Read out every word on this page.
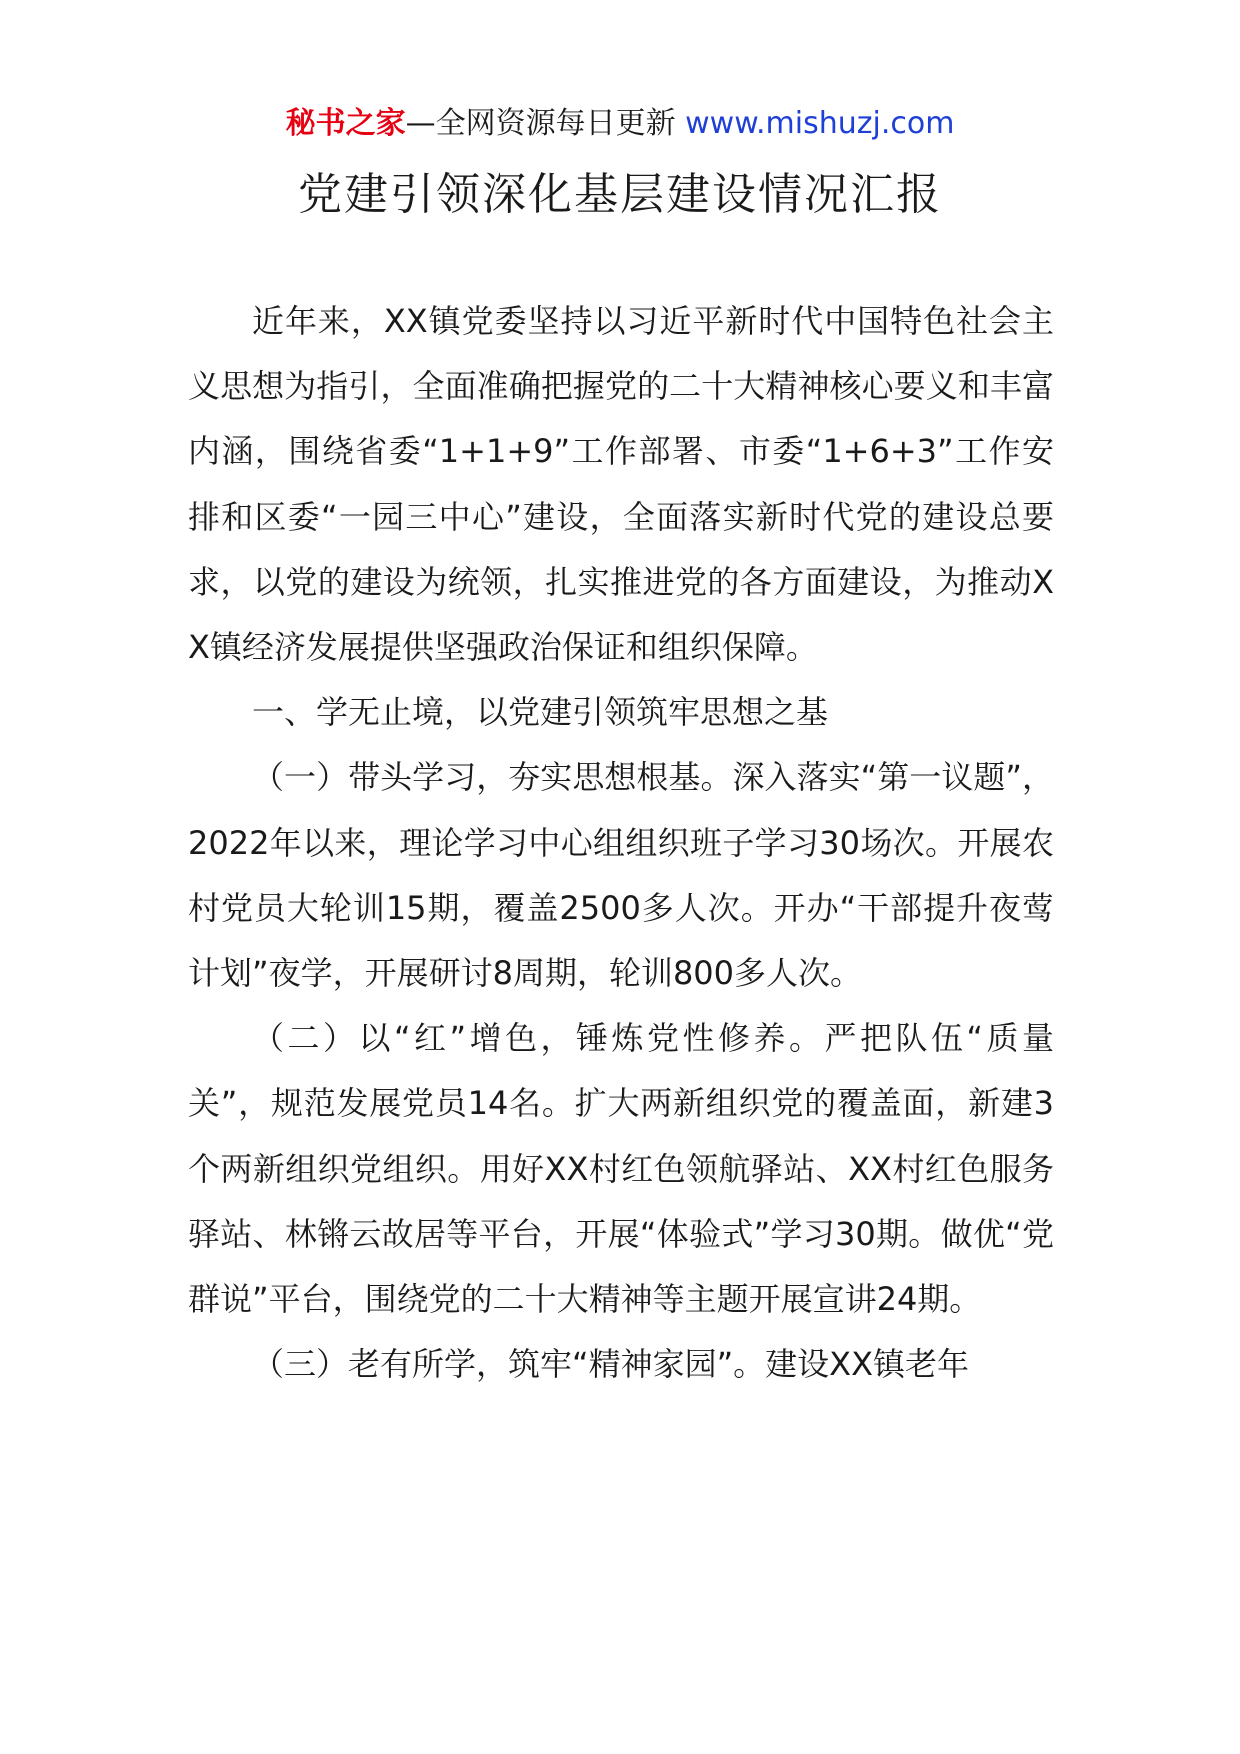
秘书之家—全网资源每日更新 www.mishuzj.com
党建引领深化基层建设情况汇报

近年来，XX镇党委坚持以习近平新时代中国特色社会主义思想为指引，全面准确把握党的二十大精神核心要义和丰富内涵，围绕省委“1+1+9”工作部署、市委“1+6+3”工作安排和区委“一园三中心”建设，全面落实新时代党的建设总要求，以党的建设为统领，扎实推进党的各方面建设，为推动XX镇经济发展提供坚强政治保证和组织保障。

一、学无止境，以党建引领筑牢思想之基

（一）带头学习，夯实思想根基。深入落实“第一议题”，2022年以来，理论学习中心组组织班子学习30场次。开展农村党员大轮训15期，覆盖2500多人次。开办“干部提升夜莺计划”夜学，开展研讨8周期，轮训800多人次。

（二）以“红”增色，锤炼党性修养。严把队伍“质量关”，规范发展党员14名。扩大两新组织党的覆盖面，新建3个两新组织党组织。用好XX村红色领航驿站、XX村红色服务驿站、林锵云故居等平台，开展“体验式”学习30期。做优“党群说”平台，围绕党的二十大精神等主题开展宣讲24期。

（三）老有所学，筑牢“精神家园”。建设XX镇老年
